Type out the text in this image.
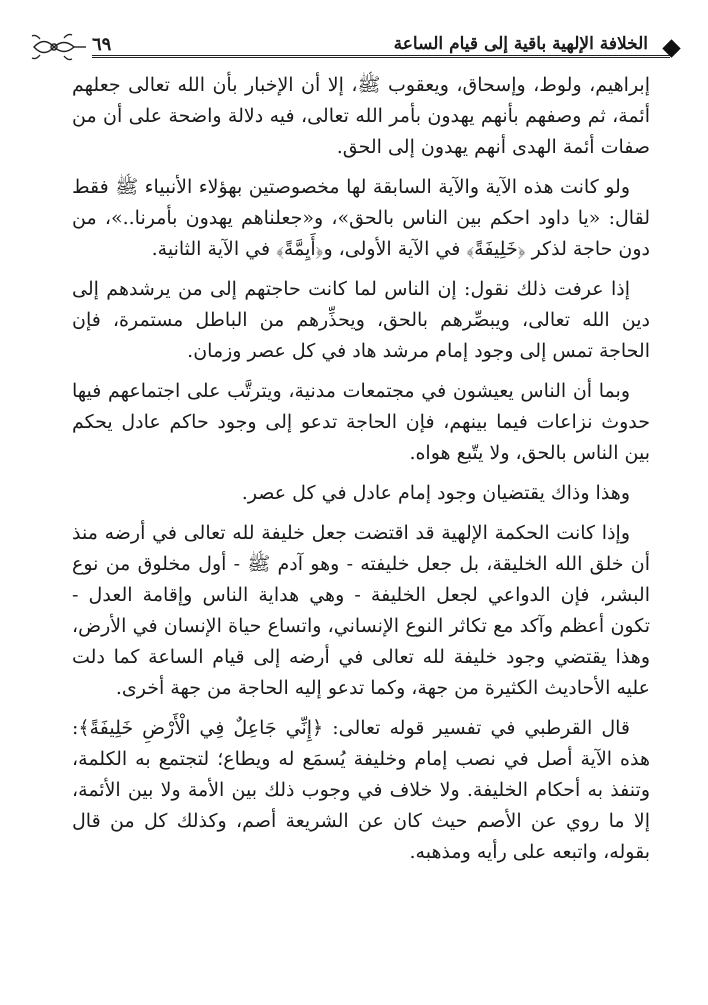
الخلافة الإلهية باقية إلى قيام الساعة
٦٩

إبراهيم، ولوط، وإسحاق، ويعقوب ﷺ، إلا أن الإخبار بأن الله تعالى جعلهم أئمة، ثم وصفهم بأنهم يهدون بأمر الله تعالى، فيه دلالة واضحة على أن من صفات أئمة الهدى أنهم يهدون إلى الحق.

ولو كانت هذه الآية والآية السابقة لها مخصوصتين بهؤلاء الأنبياء ﷺ فقط لقال: «يا داود احكم بين الناس بالحق»، و«جعلناهم يهدون بأمرنا..»، من دون حاجة لذكر ﴿خَلِيفَةً﴾ في الآية الأولى، و﴿أَيِمَّةً﴾ في الآية الثانية.

إذا عرفت ذلك نقول: إن الناس لما كانت حاجتهم إلى من يرشدهم إلى دين الله تعالى، ويبصِّرهم بالحق، ويحذِّرهم من الباطل مستمرة، فإن الحاجة تمس إلى وجود إمام مرشد هاد في كل عصر وزمان.

وبما أن الناس يعيشون في مجتمعات مدنية، ويترتَّب على اجتماعهم فيها حدوث نزاعات فيما بينهم، فإن الحاجة تدعو إلى وجود حاكم عادل يحكم بين الناس بالحق، ولا يتّبع هواه.

وهذا وذاك يقتضيان وجود إمام عادل في كل عصر.

وإذا كانت الحكمة الإلهية قد اقتضت جعل خليفة لله تعالى في أرضه منذ أن خلق الله الخليقة، بل جعل خليفته - وهو آدم ﷺ - أول مخلوق من نوع البشر، فإن الدواعي لجعل الخليفة - وهي هداية الناس وإقامة العدل - تكون أعظم وآكد مع تكاثر النوع الإنساني، واتساع حياة الإنسان في الأرض، وهذا يقتضي وجود خليفة لله تعالى في أرضه إلى قيام الساعة كما دلت عليه الأحاديث الكثيرة من جهة، وكما تدعو إليه الحاجة من جهة أخرى.

قال القرطبي في تفسير قوله تعالى: ﴿إِنِّي جَاعِلٌ فِي الْأَرْضِ خَلِيفَةً﴾: هذه الآية أصل في نصب إمام وخليفة يُسمَع له ويطاع؛ لتجتمع به الكلمة، وتنفذ به أحكام الخليفة. ولا خلاف في وجوب ذلك بين الأمة ولا بين الأئمة، إلا ما روي عن الأصم حيث كان عن الشريعة أصم، وكذلك كل من قال بقوله، واتبعه على رأيه ومذهبه.
